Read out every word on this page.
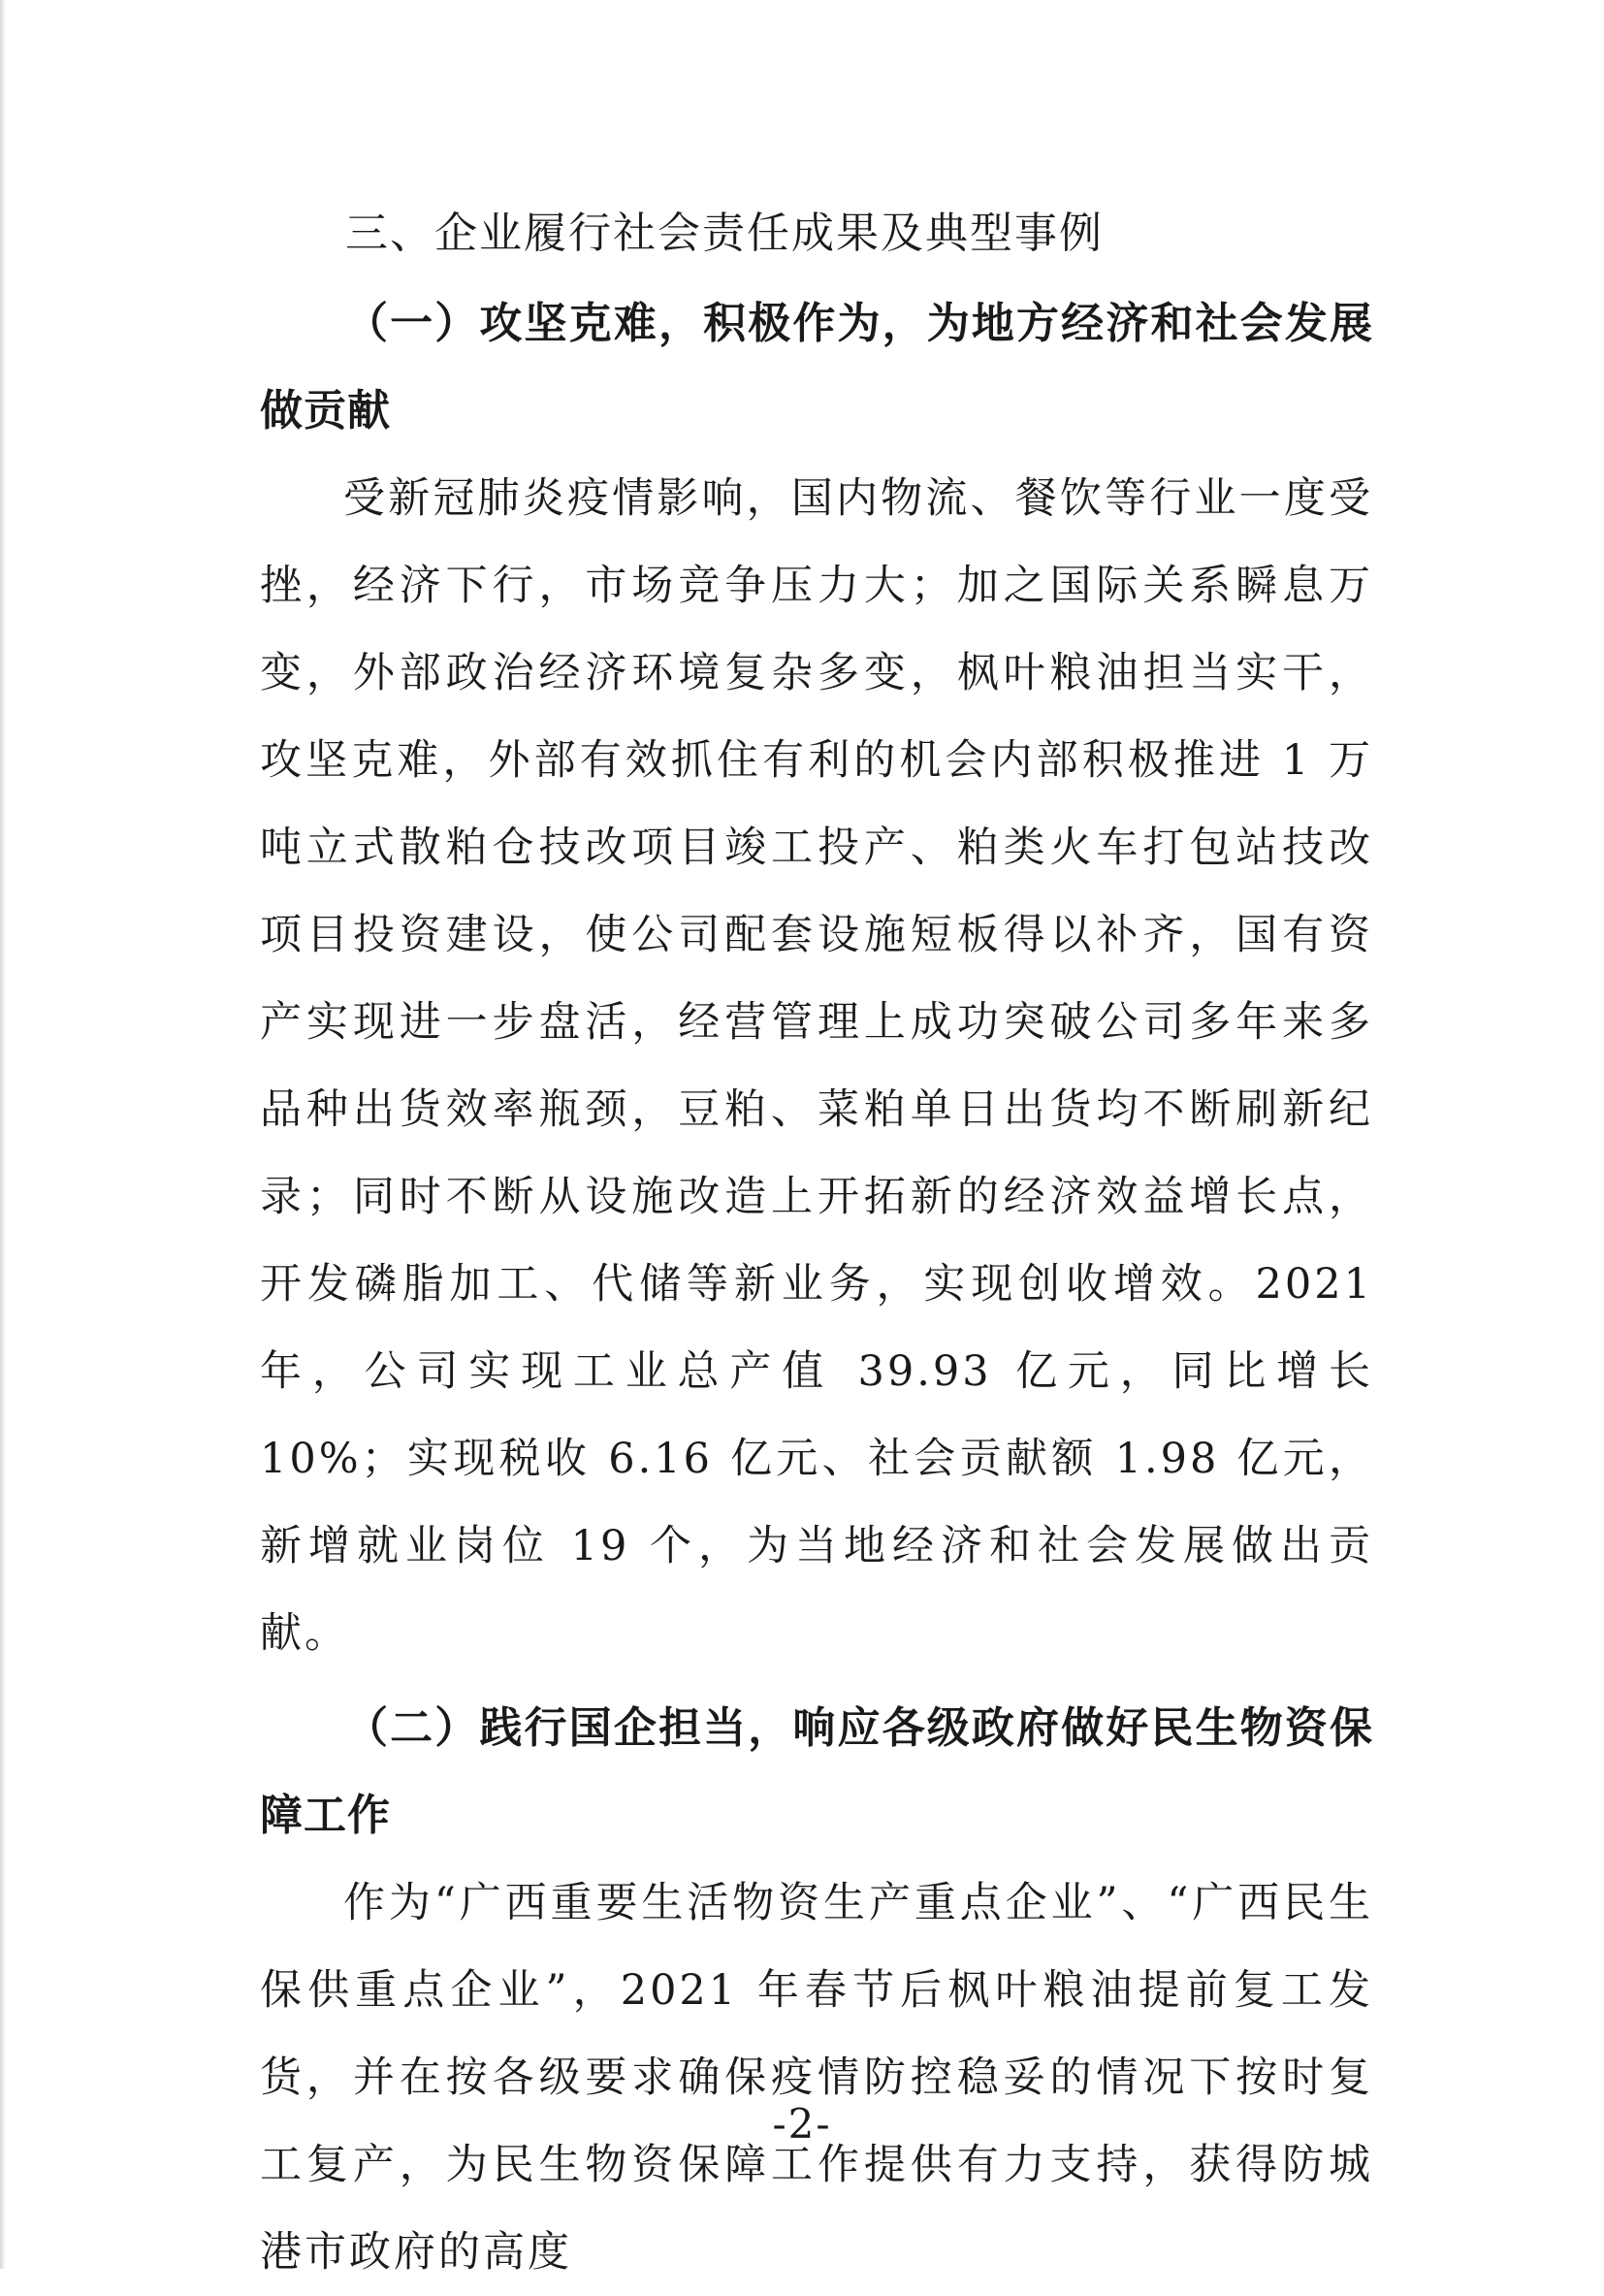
三、企业履行社会责任成果及典型事例
（一）攻坚克难，积极作为，为地方经济和社会发展做贡献

受新冠肺炎疫情影响，国内物流、餐饮等行业一度受挫，经济下行，市场竞争压力大；加之国际关系瞬息万变，外部政治经济环境复杂多变，枫叶粮油担当实干，攻坚克难，外部有效抓住有利的机会内部积极推进 1 万吨立式散粕仓技改项目竣工投产、粕类火车打包站技改项目投资建设，使公司配套设施短板得以补齐，国有资产实现进一步盘活，经营管理上成功突破公司多年来多品种出货效率瓶颈，豆粕、菜粕单日出货均不断刷新纪录；同时不断从设施改造上开拓新的经济效益增长点，开发磷脂加工、代储等新业务，实现创收增效。2021 年，公司实现工业总产值 39.93 亿元，同比增长 10%；实现税收 6.16 亿元、社会贡献额 1.98 亿元，新增就业岗位 19 个，为当地经济和社会发展做出贡献。

（二）践行国企担当，响应各级政府做好民生物资保障工作

作为“广西重要生活物资生产重点企业”、“广西民生保供重点企业”，2021 年春节后枫叶粮油提前复工发货，并在按各级要求确保疫情防控稳妥的情况下按时复工复产，为民生物资保障工作提供有力支持，获得防城港市政府的高度

-2-
